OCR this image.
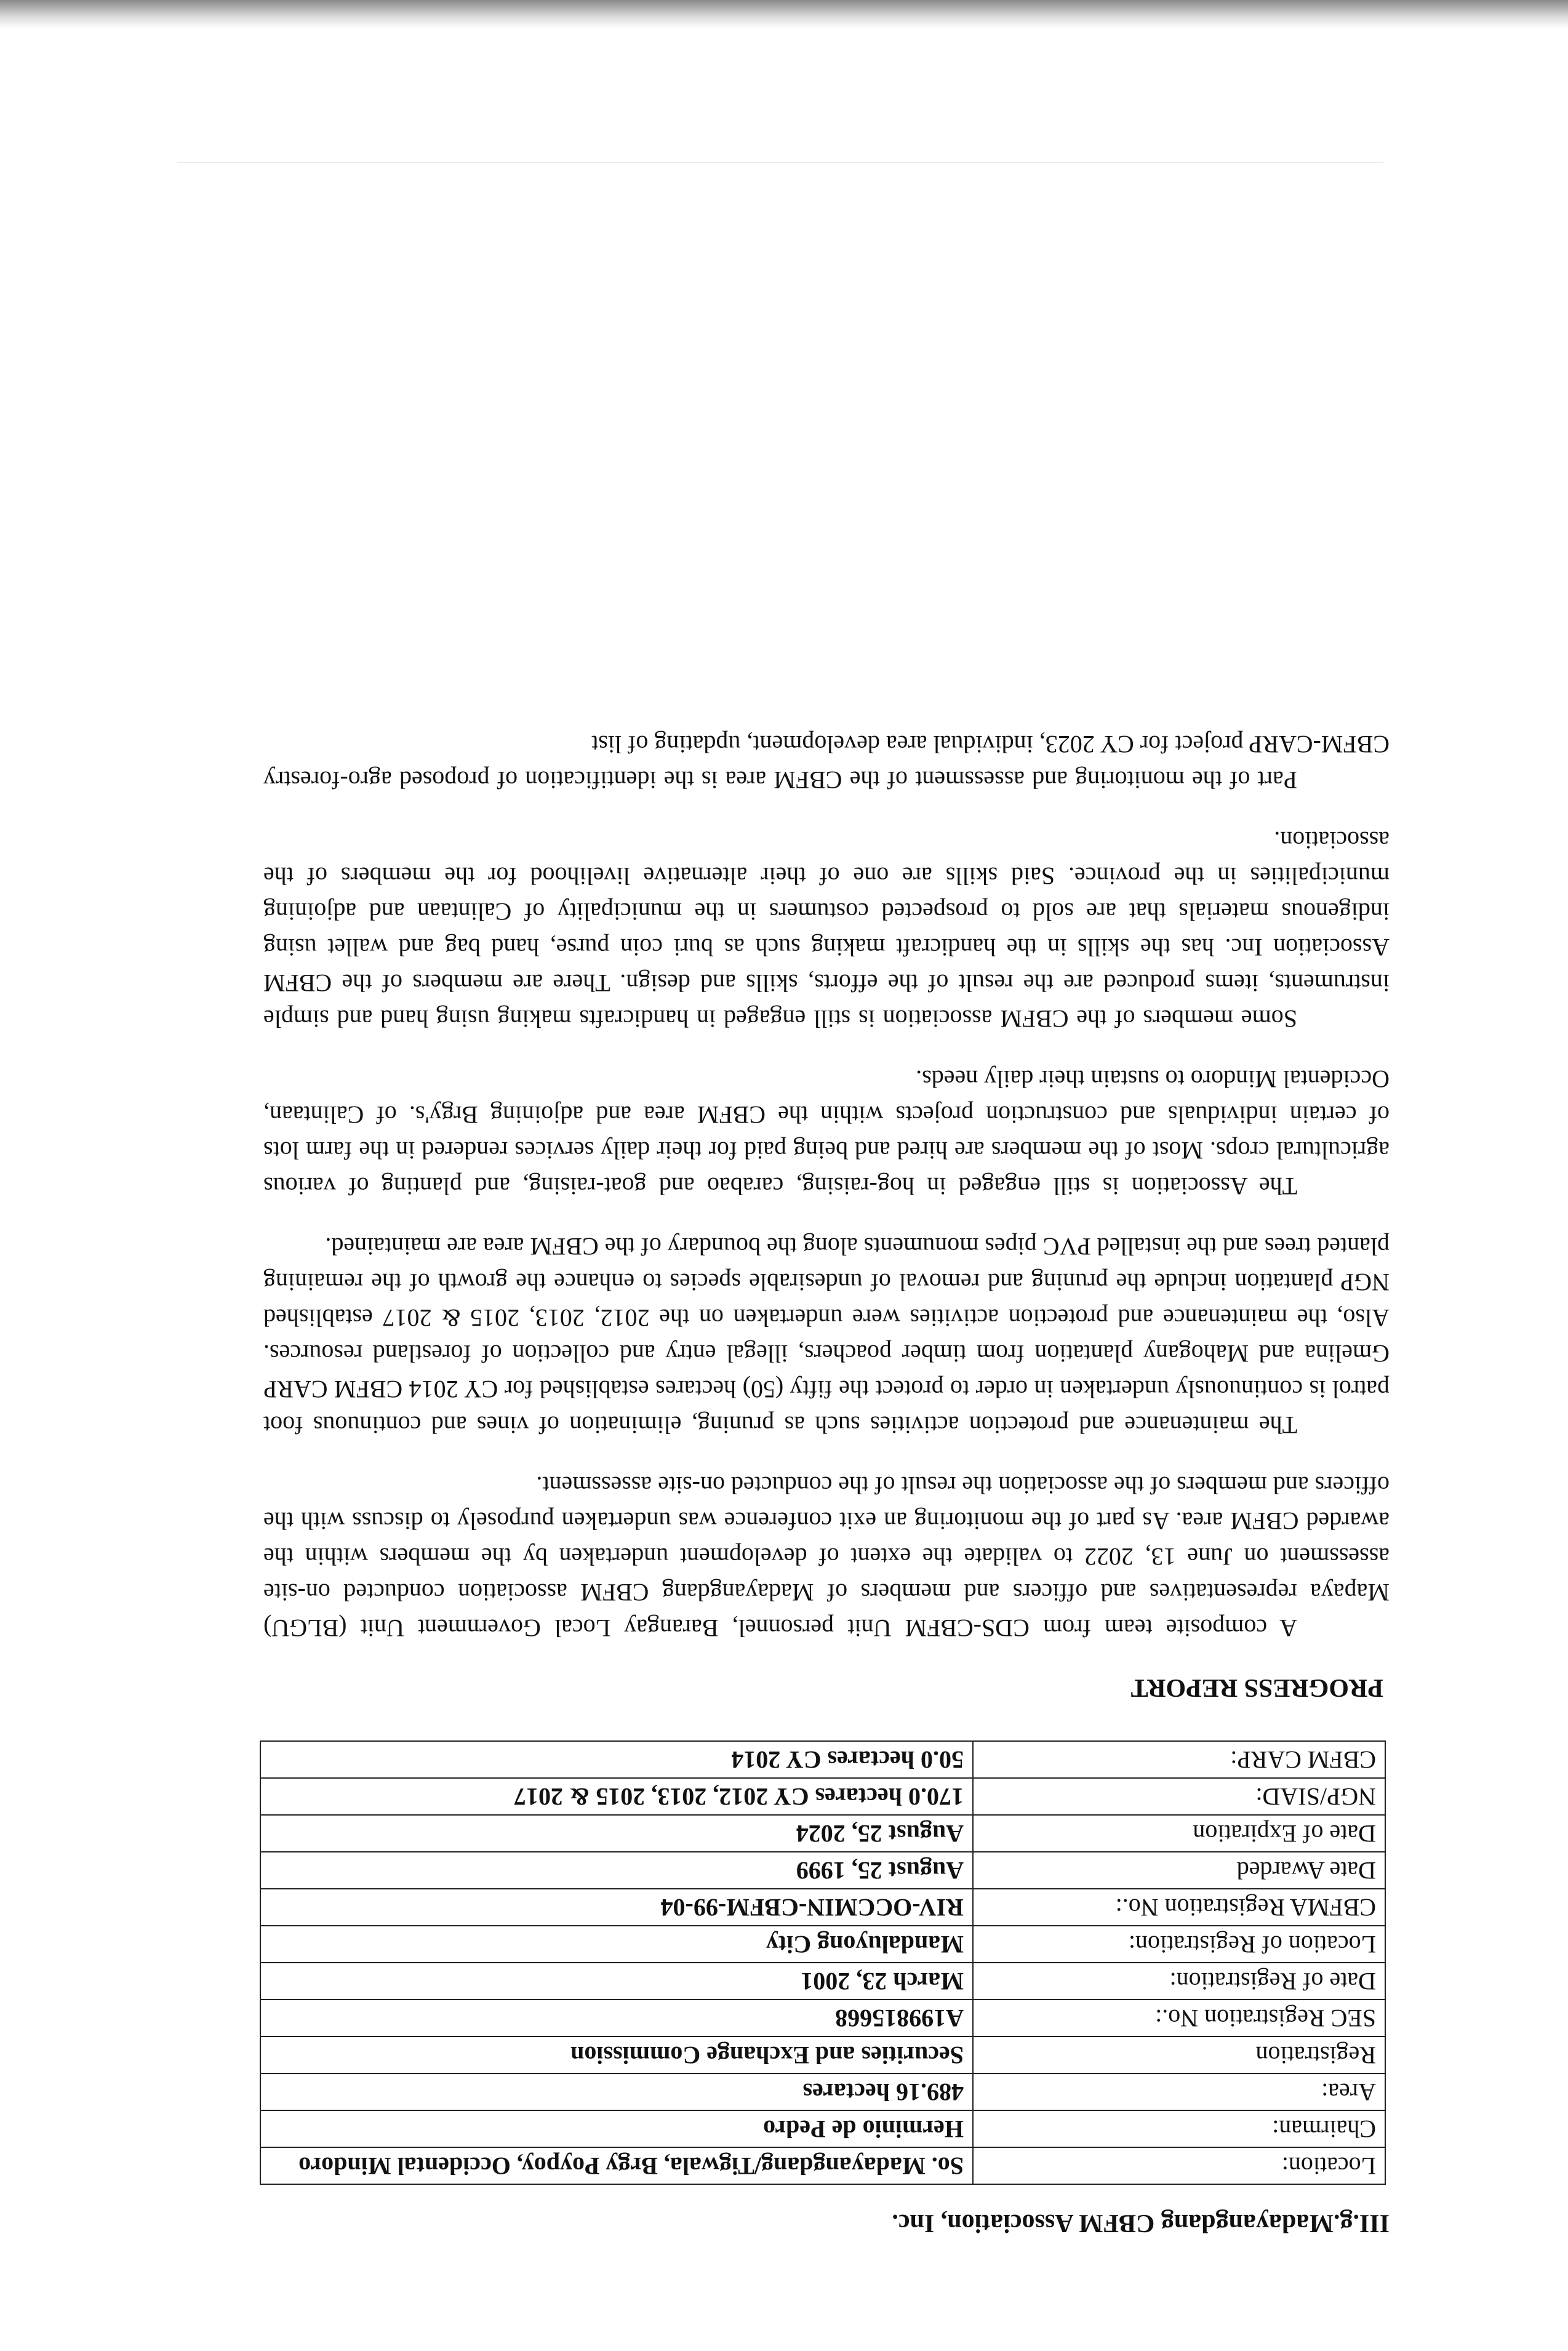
III.g.Madayangdang CBFM Association, Inc.
Location:	So. Madayangdang/Tigwala, Brgy Poypoy, Occidental Mindoro
Chairman:	Herminio de Pedro
Area:	489.16 hectares
Registration	Securities and Exchange Commission
SEC Registration No.:	A199815668
Date of Registration:	March 23, 2001
Location of Registration:	Mandaluyong City
CBFMA Registration No.:	RIV-OCCMIN-CBFM-99-04
Date Awarded	August 25, 1999
Date of Expiration	August 25, 2024
NGP/SIAD:	170.0 hectares CY 2012, 2013, 2015 & 2017
CBFM CARP:	50.0 hectares CY 2014
PROGRESS REPORT

A composite team from CDS-CBFM Unit personnel, Barangay Local Government Unit (BLGU) Mapaya representatives and officers and members of Madayangdang CBFM association conducted on-site assessment on June 13, 2022 to validate the extent of development undertaken by the members within the awarded CBFM area. As part of the monitoring an exit conference was undertaken purposely to discuss with the officers and members of the association the result of the conducted on-site assessment.

The maintenance and protection activities such as pruning, elimination of vines and continuous foot patrol is continuously undertaken in order to protect the fifty (50) hectares established for CY 2014 CBFM CARP Gmelina and Mahogany plantation from timber poachers, illegal entry and collection of forestland resources. Also, the maintenance and protection activities were undertaken on the 2012, 2013, 2015 & 2017 established NGP plantation include the pruning and removal of undesirable species to enhance the growth of the remaining planted trees and the installed PVC pipes monuments along the boundary of the CBFM area are maintained.

The Association is still engaged in hog-raising, carabao and goat-raising, and planting of various agricultural crops. Most of the members are hired and being paid for their daily services rendered in the farm lots of certain individuals and construction projects within the CBFM area and adjoining Brgy's. of Calintaan, Occidental Mindoro to sustain their daily needs.

Some members of the CBFM association is still engaged in handicrafts making using hand and simple instruments, items produced are the result of the efforts, skills and design. There are members of the CBFM Association Inc. has the skills in the handicraft making such as buri coin purse, hand bag and wallet using indigenous materials that are sold to prospected costumers in the municipality of Calintaan and adjoining municipalities in the province. Said skills are one of their alternative livelihood for the members of the association.

Part of the monitoring and assessment of the CBFM area is the identification of proposed agro-forestry CBFM-CARP project for CY 2023, individual area development, updating of list
